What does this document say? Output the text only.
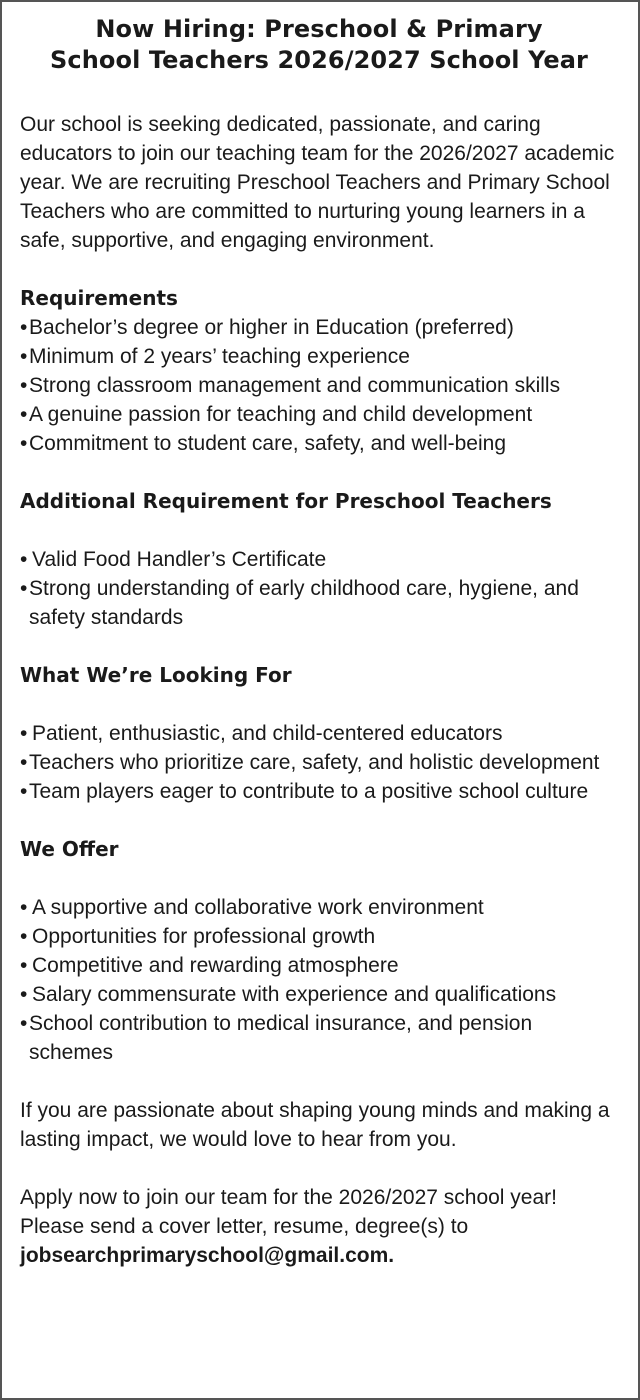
Now Hiring: Preschool & Primary
School Teachers 2026/2027 School Year

Our school is seeking dedicated, passionate, and caring educators to join our teaching team for the 2026/2027 academic year. We are recruiting Preschool Teachers and Primary School Teachers who are committed to nurturing young learners in a safe, supportive, and engaging environment.

Requirements
• Bachelor’s degree or higher in Education (preferred)
• Minimum of 2 years’ teaching experience
• Strong classroom management and communication skills
• A genuine passion for teaching and child development
• Commitment to student care, safety, and well-being
Additional Requirement for Preschool Teachers
• Valid Food Handler’s Certificate
• Strong understanding of early childhood care, hygiene, and safety standards
What We’re Looking For
• Patient, enthusiastic, and child-centered educators
• Teachers who prioritize care, safety, and holistic development
• Team players eager to contribute to a positive school culture
We Offer
• A supportive and collaborative work environment
• Opportunities for professional growth
• Competitive and rewarding atmosphere
• Salary commensurate with experience and qualifications
• School contribution to medical insurance, and pension schemes

If you are passionate about shaping young minds and making a lasting impact, we would love to hear from you.

Apply now to join our team for the 2026/2027 school year! Please send a cover letter, resume, degree(s) to jobsearchprimaryschool@gmail.com.
